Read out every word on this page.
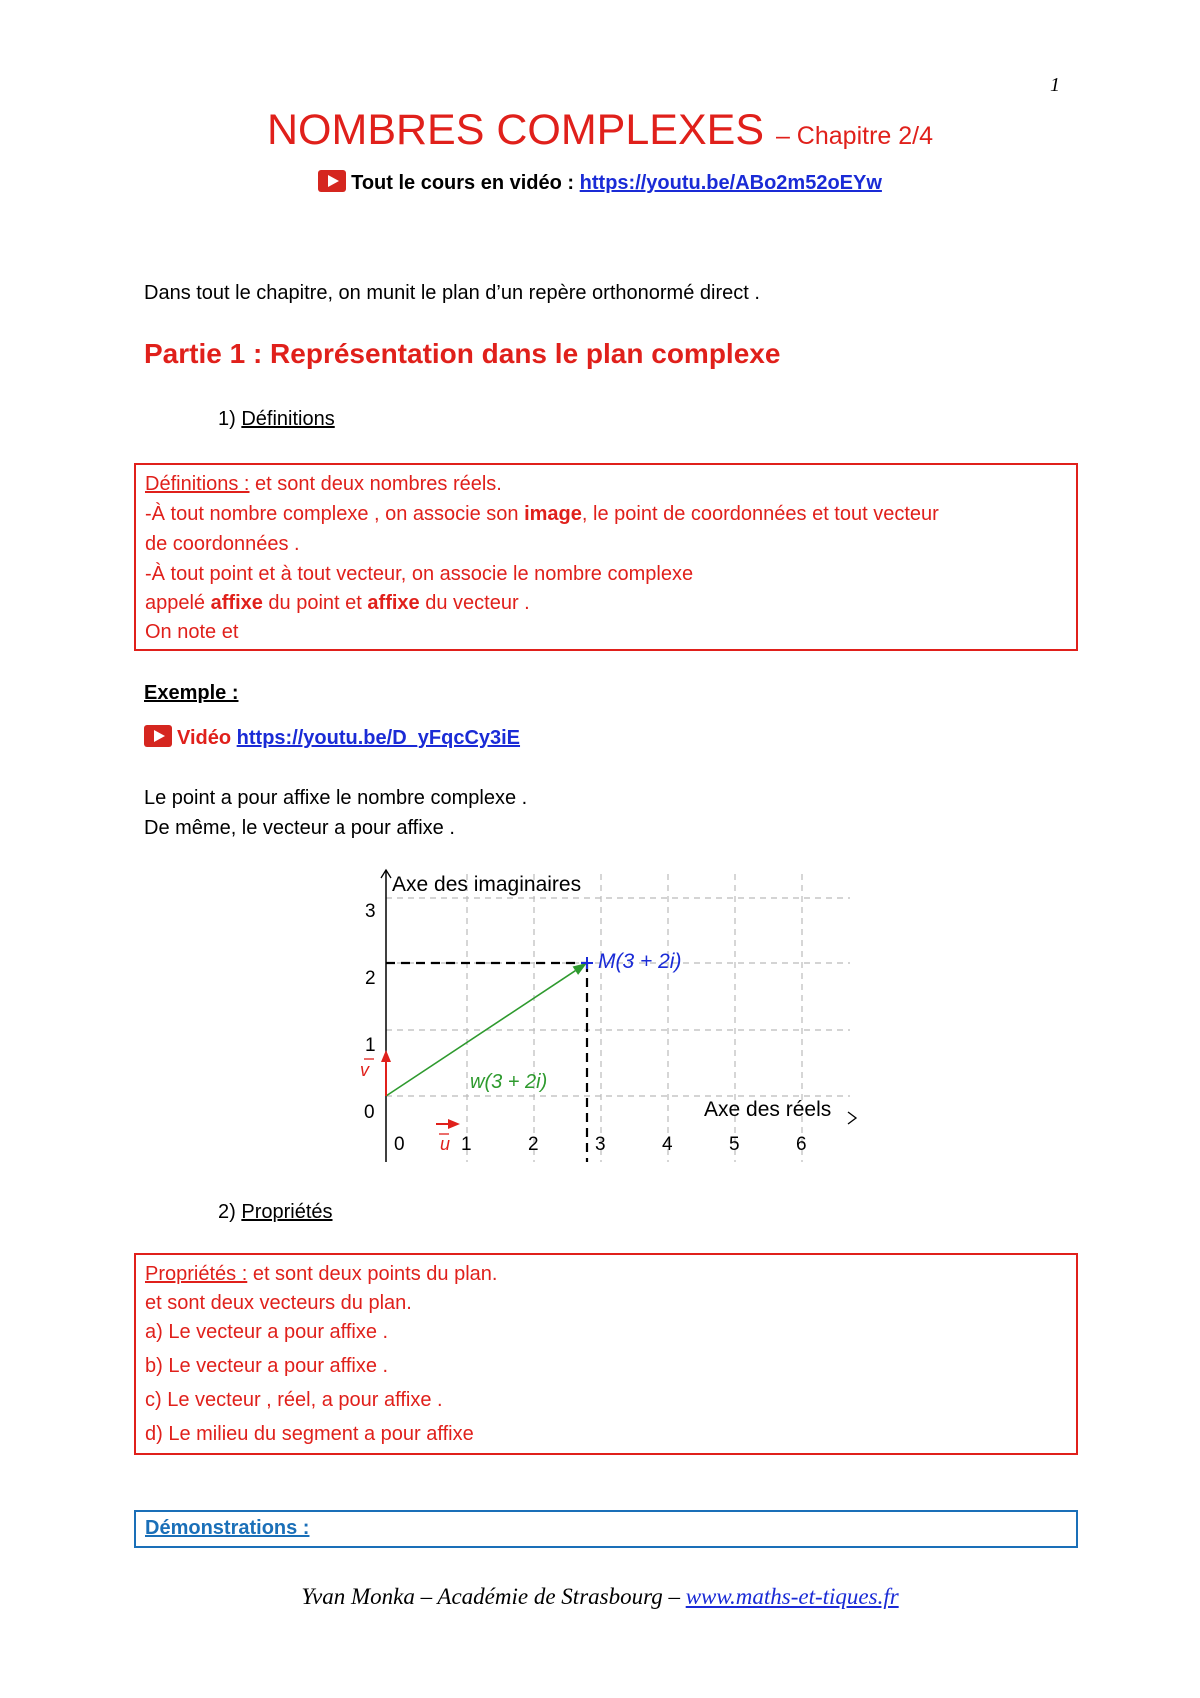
1
NOMBRES COMPLEXES – Chapitre 2/4
Tout le cours en vidéo : https://youtu.be/ABo2m52oEYw
Dans tout le chapitre, on munit le plan d’un repère orthonormé direct .
Partie 1 : Représentation dans le plan complexe
1) Définitions
Définitions : et sont deux nombres réels.
-À tout nombre complexe , on associe son image, le point de coordonnées et tout vecteur
de coordonnées .
-À tout point et à tout vecteur, on associe le nombre complexe
appelé affixe du point et affixe du vecteur .
On note et
Exemple :
Vidéo https://youtu.be/D_yFqcCy3iE
Le point a pour affixe le nombre complexe .
De même, le vecteur a pour affixe .
Axe des imaginaires
Axe des réels
0	1	2	3	4	5	6
0
1
2
3
M(3 + 2i)
w(3 + 2i)
v
u
2) Propriétés
Propriétés : et sont deux points du plan.
et sont deux vecteurs du plan.
a) Le vecteur a pour affixe .
b) Le vecteur a pour affixe .
c) Le vecteur , réel, a pour affixe .
d) Le milieu du segment a pour affixe
Démonstrations :
Yvan Monka – Académie de Strasbourg – www.maths-et-tiques.fr
